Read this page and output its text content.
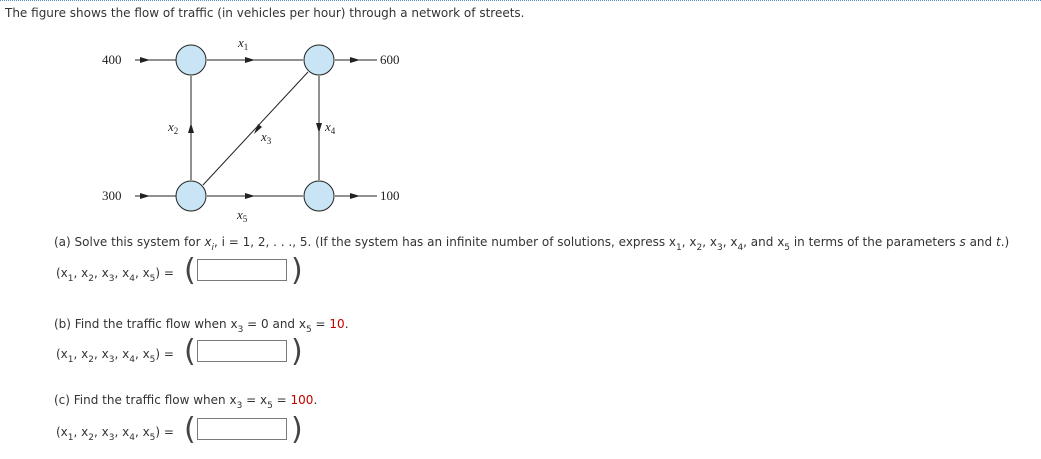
The figure shows the flow of traffic (in vehicles per hour) through a network of streets.
400	600
300	100
$x_1$
$x_2$	$x_3$
$x_4$
$x_5$
(a) Solve this system for $x_i$, i = 1, 2, . . ., 5. (If the system has an infinite number of solutions, express $x_1$, $x_2$, $x_3$, $x_4$, and $x_5$ in terms of the parameters s and t.)
($x_1$, $x_2$, $x_3$, $x_4$, $x_5$) = (	)
(b) Find the traffic flow when $x_3 = 0$ and $x_5 = 10$.
($x_1$, $x_2$, $x_3$, $x_4$, $x_5$) = (	)
(c) Find the traffic flow when $x_3 = x_5 = 100$.
($x_1$, $x_2$, $x_3$, $x_4$, $x_5$) = (	)
